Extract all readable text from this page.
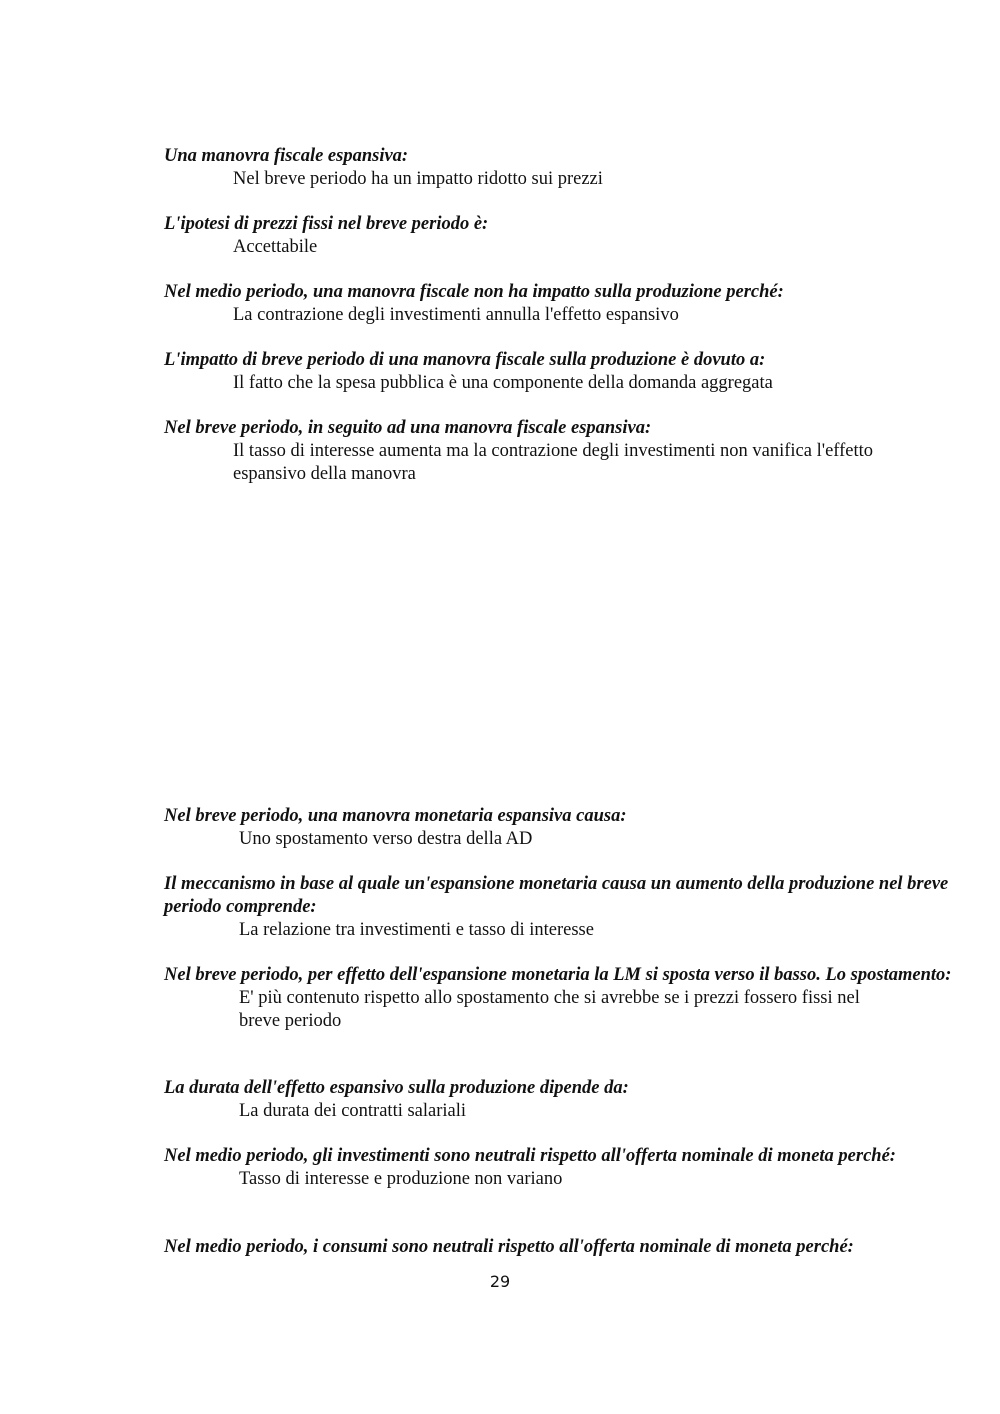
Una manovra fiscale espansiva:

Nel breve periodo ha un impatto ridotto sui prezzi

L'ipotesi di prezzi fissi nel breve periodo è:

Accettabile

Nel medio periodo, una manovra fiscale non ha impatto sulla produzione perché:

La contrazione degli investimenti annulla l'effetto espansivo

L'impatto di breve periodo di una manovra fiscale sulla produzione è dovuto a:

Il fatto che la spesa pubblica è una componente della domanda aggregata

Nel breve periodo, in seguito ad una manovra fiscale espansiva:

Il tasso di interesse aumenta ma la contrazione degli investimenti non vanifica l'effetto espansivo della manovra

Nel breve periodo, una manovra monetaria espansiva causa:

Uno spostamento verso destra della AD

Il meccanismo in base al quale un'espansione monetaria causa un aumento della produzione nel breve periodo comprende:

La relazione tra investimenti e tasso di interesse

Nel breve periodo, per effetto dell'espansione monetaria la LM si sposta verso il basso. Lo spostamento:

E' più contenuto rispetto allo spostamento che si avrebbe se i prezzi fossero fissi nel breve periodo

La durata dell'effetto espansivo sulla produzione dipende da:

La durata dei contratti salariali

Nel medio periodo, gli investimenti sono neutrali rispetto all'offerta nominale di moneta perché:

Tasso di interesse e produzione non variano

Nel medio periodo, i consumi sono neutrali rispetto all'offerta nominale di moneta perché:

29
